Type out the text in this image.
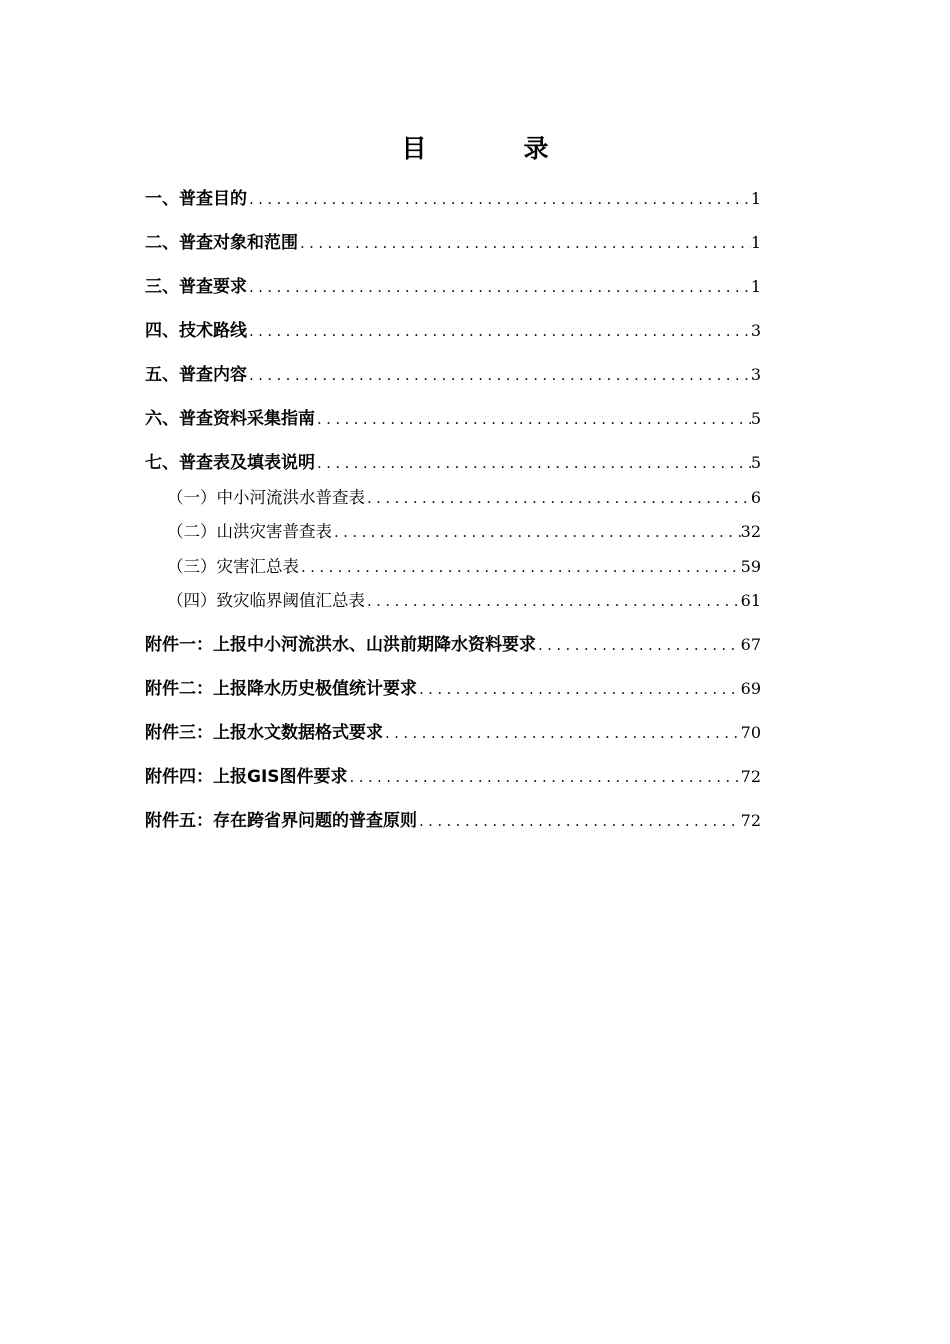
目　录
一、普查目的 .....	1
二、普查对象和范围 .....	1
三、普查要求 .....	1
四、技术路线 .....	3
五、普查内容 .....	3
六、普查资料采集指南 .....	5
七、普查表及填表说明 .....	5
（一）中小河流洪水普查表 .....	6
（二）山洪灾害普查表 .....	32
（三）灾害汇总表 .....	59
（四）致灾临界阈值汇总表 .....	61
附件一：上报中小河流洪水、山洪前期降水资料要求 .....	67
附件二：上报降水历史极值统计要求 .....	69
附件三：上报水文数据格式要求 .....	70
附件四：上报GIS图件要求 .....	72
附件五：存在跨省界问题的普查原则 .....	72
